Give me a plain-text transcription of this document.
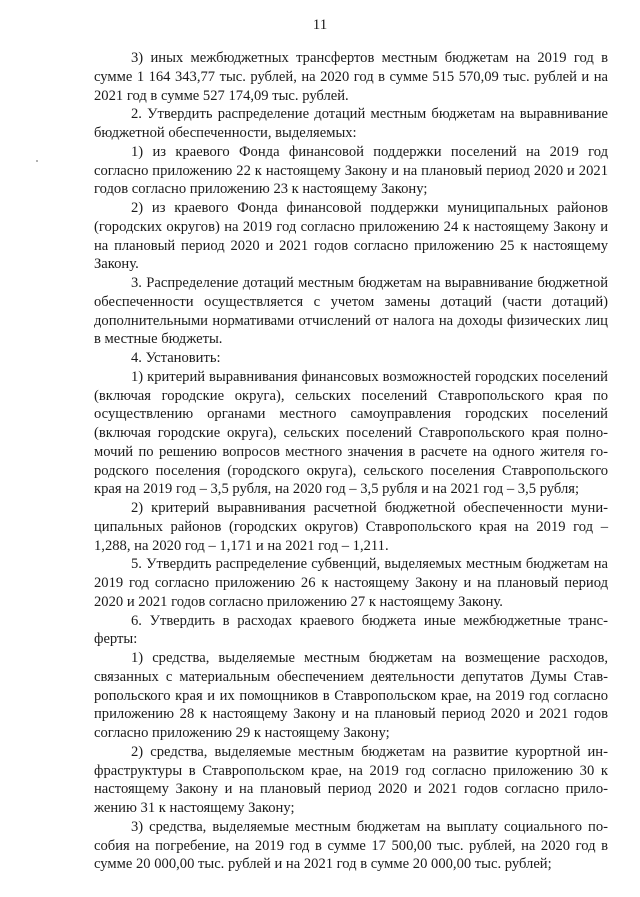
11

3) иных межбюджетных трансфертов местным бюджетам на 2019 год в сумме 1 164 343,77 тыс. рублей, на 2020 год в сумме 515 570,09 тыс. рублей и на 2021 год в сумме 527 174,09 тыс. рублей.

2. Утвердить распределение дотаций местным бюджетам на выравнивание бюджетной обеспеченности, выделяемых:

1) из краевого Фонда финансовой поддержки поселений на 2019 год согласно приложению 22 к настоящему Закону и на плановый период 2020 и 2021 годов согласно приложению 23 к настоящему Закону;

2) из краевого Фонда финансовой поддержки муниципальных районов (городских округов) на 2019 год согласно приложению 24 к настоящему Закону и на плановый период 2020 и 2021 годов согласно приложению 25 к настоящему Закону.

3. Распределение дотаций местным бюджетам на выравнивание бюджетной обеспеченности осуществляется с учетом замены дотаций (части дотаций) дополнительными нормативами отчислений от налога на доходы физических лиц в местные бюджеты.

4. Установить:

1) критерий выравнивания финансовых возможностей городских поселений (включая городские округа), сельских поселений Ставропольского края по осуществлению органами местного самоуправления городских поселений (включая городские округа), сельских поселений Ставропольского края полномочий по решению вопросов местного значения в расчете на одного жителя городского поселения (городского округа), сельского поселения Ставропольского края на 2019 год – 3,5 рубля, на 2020 год – 3,5 рубля и на 2021 год – 3,5 рубля;

2) критерий выравнивания расчетной бюджетной обеспеченности муниципальных районов (городских округов) Ставропольского края на 2019 год – 1,288, на 2020 год – 1,171 и на 2021 год – 1,211.

5. Утвердить распределение субвенций, выделяемых местным бюджетам на 2019 год согласно приложению 26 к настоящему Закону и на плановый период 2020 и 2021 годов согласно приложению 27 к настоящему Закону.

6. Утвердить в расходах краевого бюджета иные межбюджетные трансферты:

1) средства, выделяемые местным бюджетам на возмещение расходов, связанных с материальным обеспечением деятельности депутатов Думы Ставропольского края и их помощников в Ставропольском крае, на 2019 год согласно приложению 28 к настоящему Закону и на плановый период 2020 и 2021 годов согласно приложению 29 к настоящему Закону;

2) средства, выделяемые местным бюджетам на развитие курортной инфраструктуры в Ставропольском крае, на 2019 год согласно приложению 30 к настоящему Закону и на плановый период 2020 и 2021 годов согласно приложению 31 к настоящему Закону;

3) средства, выделяемые местным бюджетам на выплату социального пособия на погребение, на 2019 год в сумме 17 500,00 тыс. рублей, на 2020 год в сумме 20 000,00 тыс. рублей и на 2021 год в сумме 20 000,00 тыс. рублей;
